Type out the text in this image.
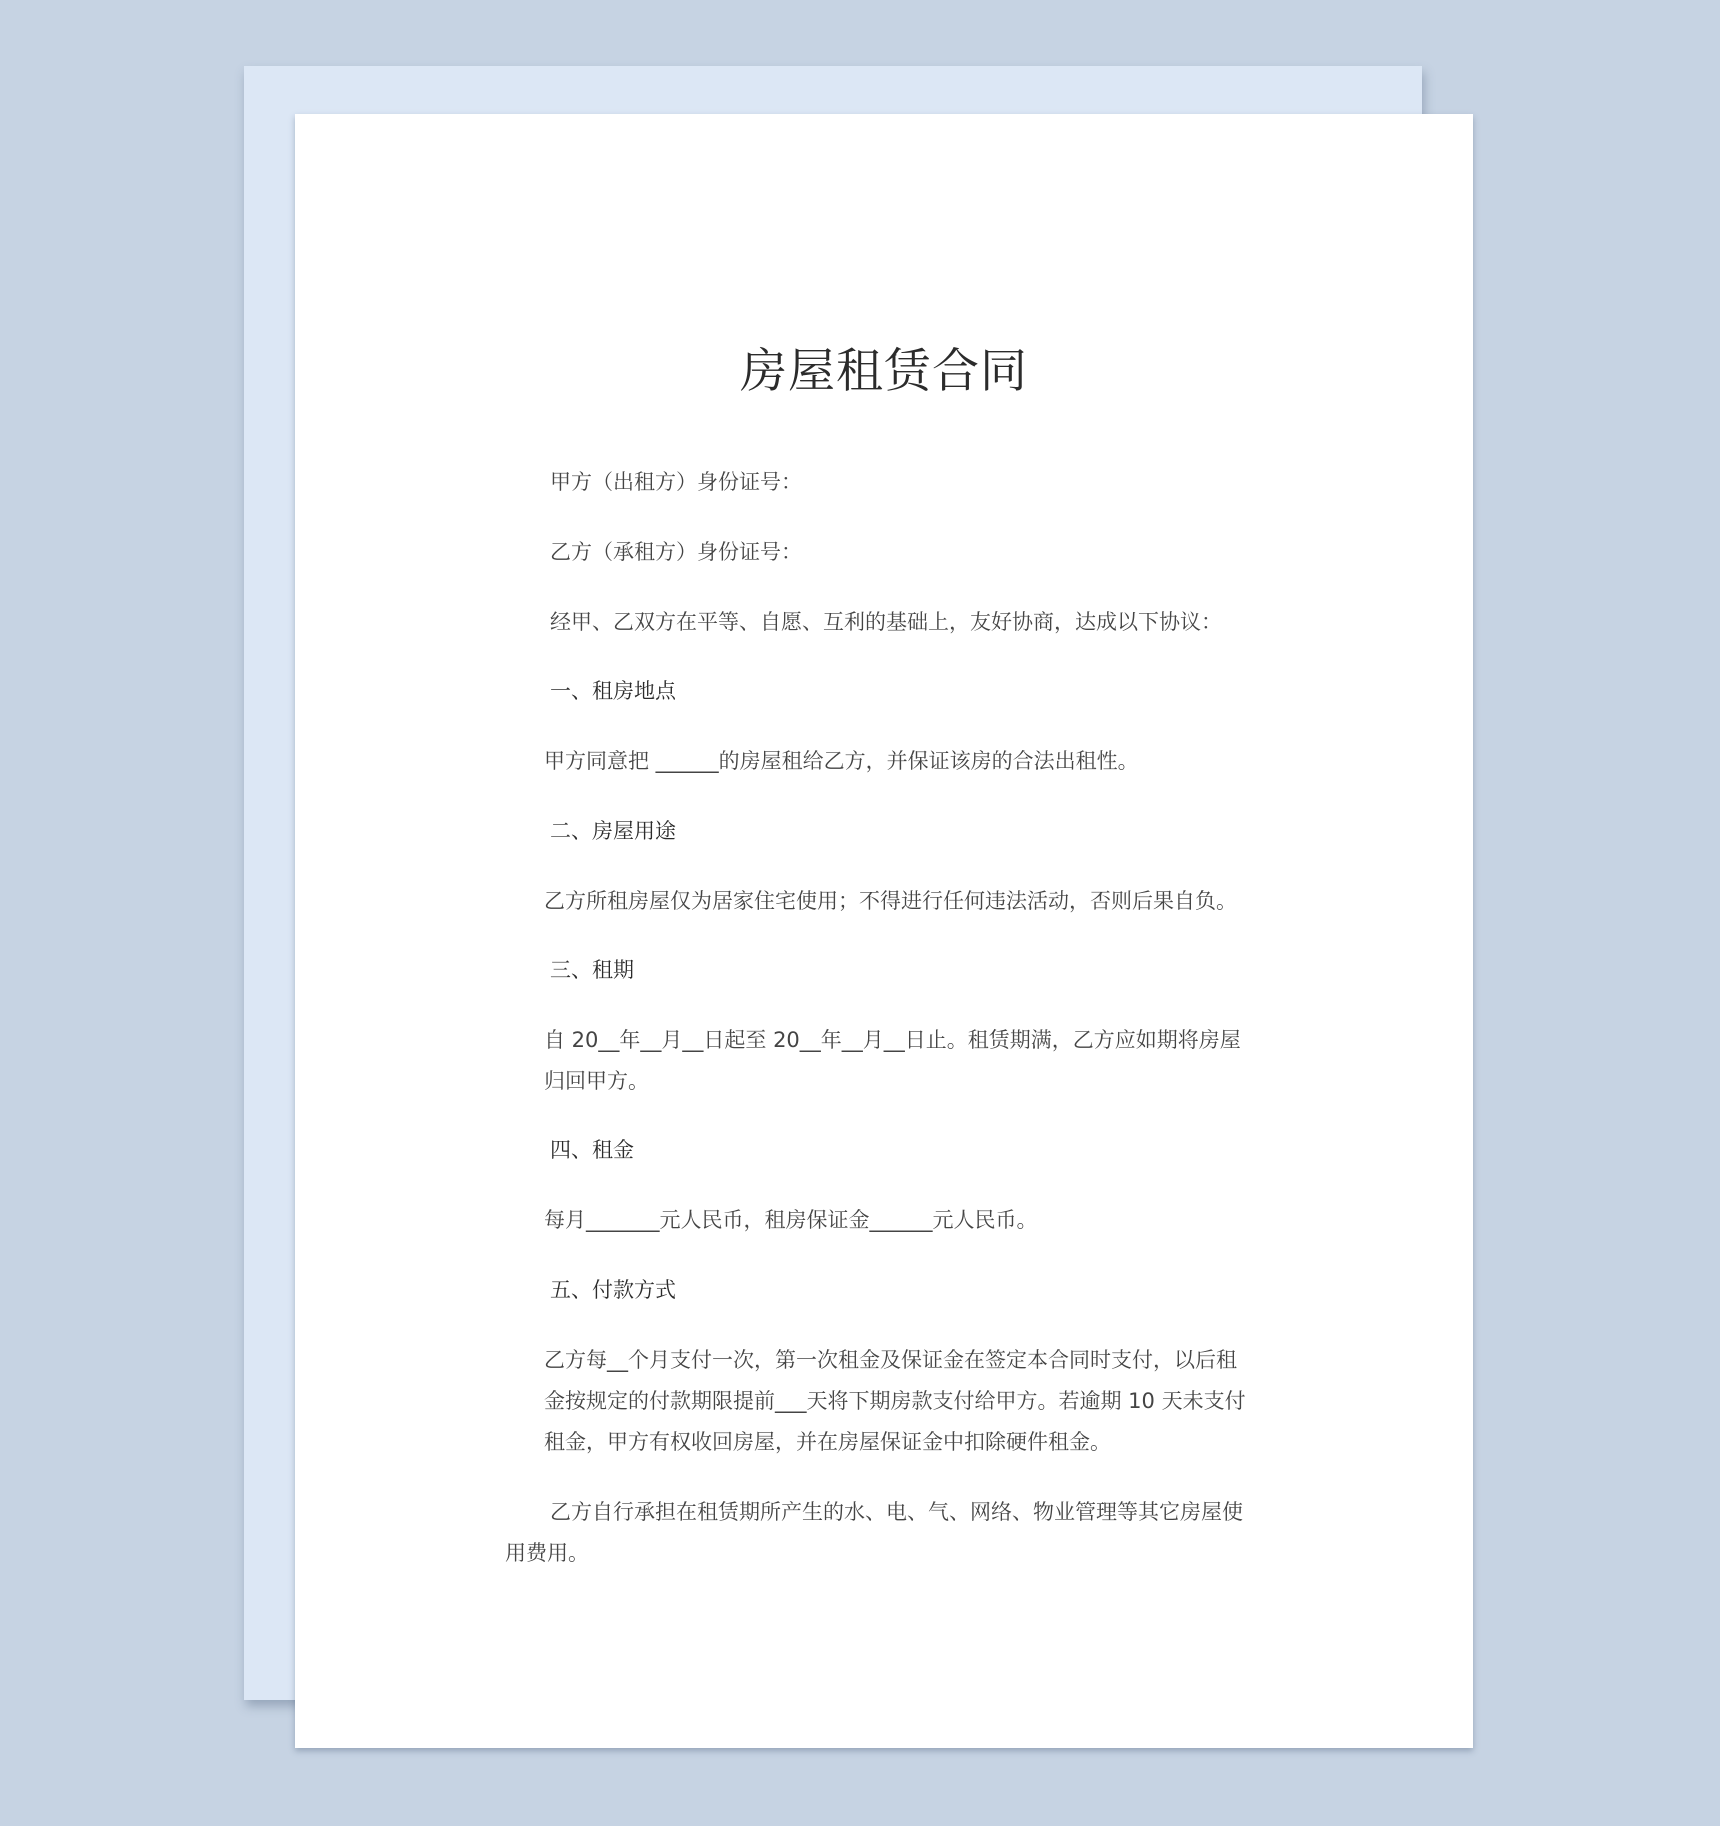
房屋租赁合同

甲方（出租方）身份证号：

乙方（承租方）身份证号：

经甲、乙双方在平等、自愿、互利的基础上，友好协商，达成以下协议：

一、租房地点

甲方同意把 ______的房屋租给乙方，并保证该房的合法出租性。

二、房屋用途

乙方所租房屋仅为居家住宅使用；不得进行任何违法活动，否则后果自负。

三、租期

自 20__年__月__日起至 20__年__月__日止。租赁期满，乙方应如期将房屋

归回甲方。

四、租金

每月_______元人民币，租房保证金______元人民币。

五、付款方式

乙方每__个月支付一次，第一次租金及保证金在签定本合同时支付，以后租

金按规定的付款期限提前___天将下期房款支付给甲方。若逾期 10 天未支付

租金，甲方有权收回房屋，并在房屋保证金中扣除硬件租金。

乙方自行承担在租赁期所产生的水、电、气、网络、物业管理等其它房屋使

用费用。
